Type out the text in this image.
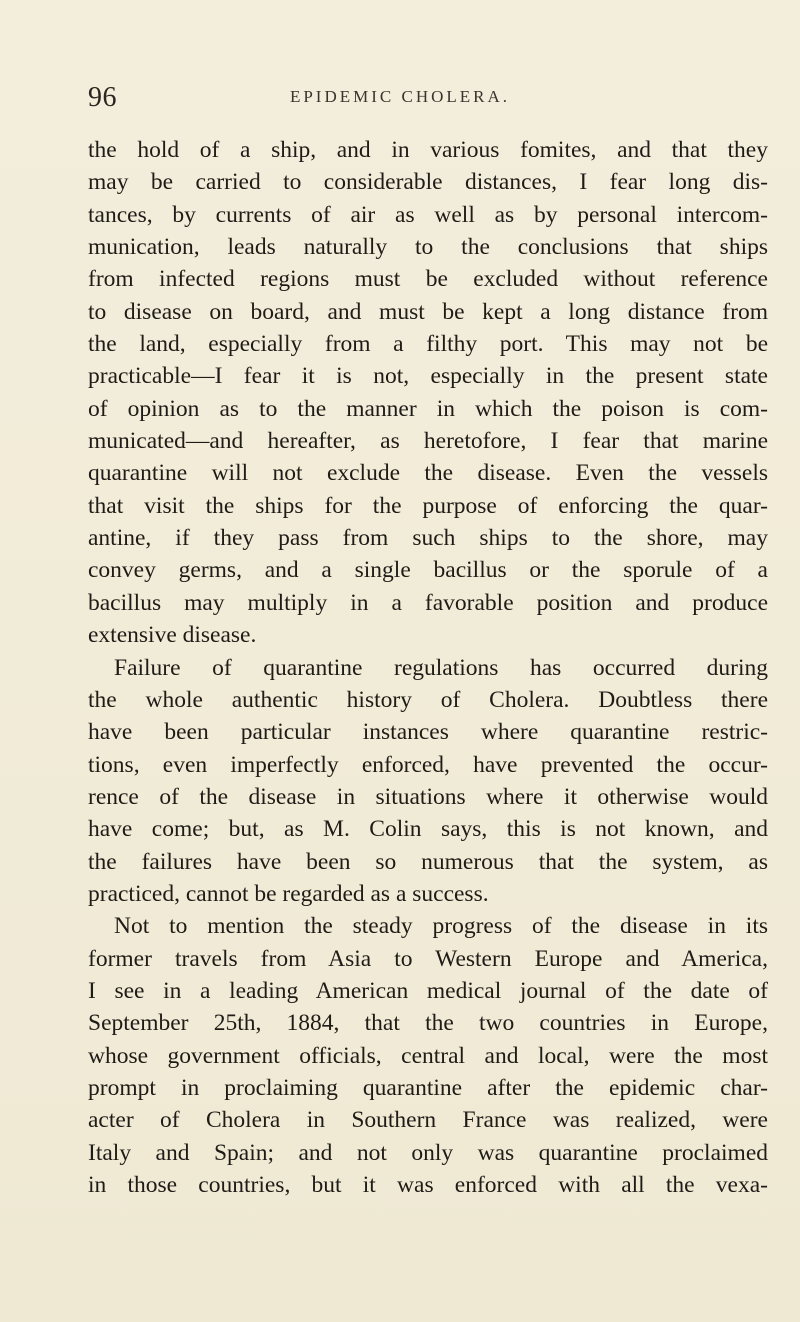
96	EPIDEMIC CHOLERA.
the hold of a ship, and in various fomites, and that they
may be carried to considerable distances, I fear long dis-
tances, by currents of air as well as by personal intercom-
munication, leads naturally to the conclusions that ships
from infected regions must be excluded without reference
to disease on board, and must be kept a long distance from
the land, especially from a filthy port. This may not be
practicable—I fear it is not, especially in the present state
of opinion as to the manner in which the poison is com-
municated—and hereafter, as heretofore, I fear that marine
quarantine will not exclude the disease. Even the vessels
that visit the ships for the purpose of enforcing the quar-
antine, if they pass from such ships to the shore, may
convey germs, and a single bacillus or the sporule of a
bacillus may multiply in a favorable position and produce
extensive disease.
Failure of quarantine regulations has occurred during
the whole authentic history of Cholera. Doubtless there
have been particular instances where quarantine restric-
tions, even imperfectly enforced, have prevented the occur-
rence of the disease in situations where it otherwise would
have come; but, as M. Colin says, this is not known, and
the failures have been so numerous that the system, as
practiced, cannot be regarded as a success.
Not to mention the steady progress of the disease in its
former travels from Asia to Western Europe and America,
I see in a leading American medical journal of the date of
September 25th, 1884, that the two countries in Europe,
whose government officials, central and local, were the most
prompt in proclaiming quarantine after the epidemic char-
acter of Cholera in Southern France was realized, were
Italy and Spain; and not only was quarantine proclaimed
in those countries, but it was enforced with all the vexa-
